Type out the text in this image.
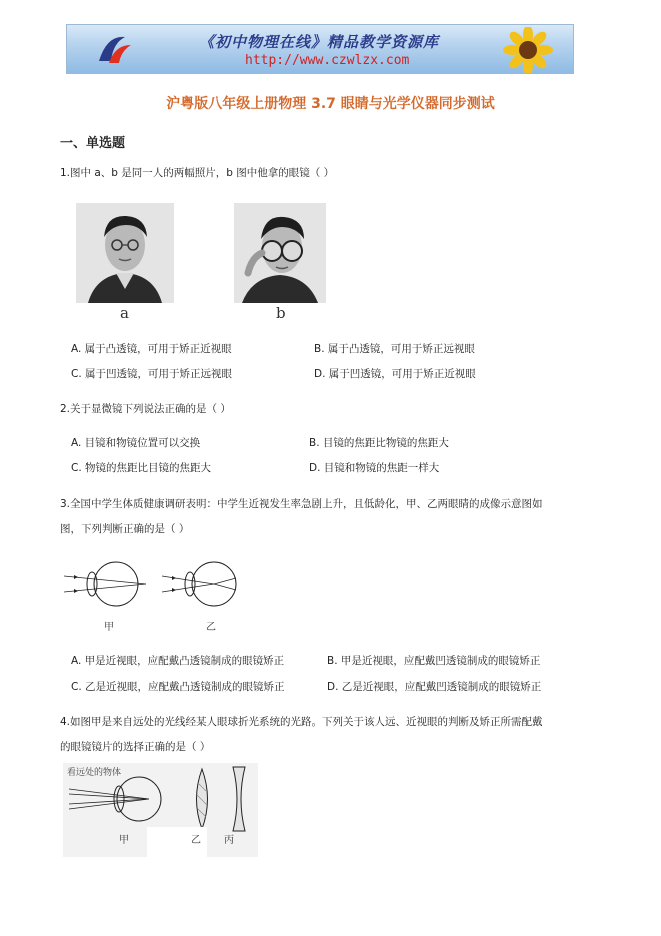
《初中物理在线》精品教学资源库
http://www.czwlzx.com
沪粤版八年级上册物理 3.7 眼睛与光学仪器同步测试
一、单选题
1.图中 a、b 是同一人的两幅照片，b 图中他拿的眼镜（ ）
a	b
A. 属于凸透镜，可用于矫正近视眼	B. 属于凸透镜，可用于矫正远视眼
C. 属于凹透镜，可用于矫正远视眼	D. 属于凹透镜，可用于矫正近视眼
2.关于显微镜下列说法正确的是（ ）
A. 目镜和物镜位置可以交换	B. 目镜的焦距比物镜的焦距大
C. 物镜的焦距比目镜的焦距大	D. 目镜和物镜的焦距一样大
3.全国中学生体质健康调研表明：中学生近视发生率急剧上升，且低龄化，甲、乙两眼睛的成像示意图如
图，下列判断正确的是（ ）
甲	乙
A. 甲是近视眼，应配戴凸透镜制成的眼镜矫正	B. 甲是近视眼，应配戴凹透镜制成的眼镜矫正
C. 乙是近视眼，应配戴凸透镜制成的眼镜矫正	D. 乙是近视眼，应配戴凹透镜制成的眼镜矫正
4.如图甲是来自远处的光线经某人眼球折光系统的光路。下列关于该人远、近视眼的判断及矫正所需配戴
的眼镜镜片的选择正确的是（ ）
看远处的物体
甲	乙 丙
